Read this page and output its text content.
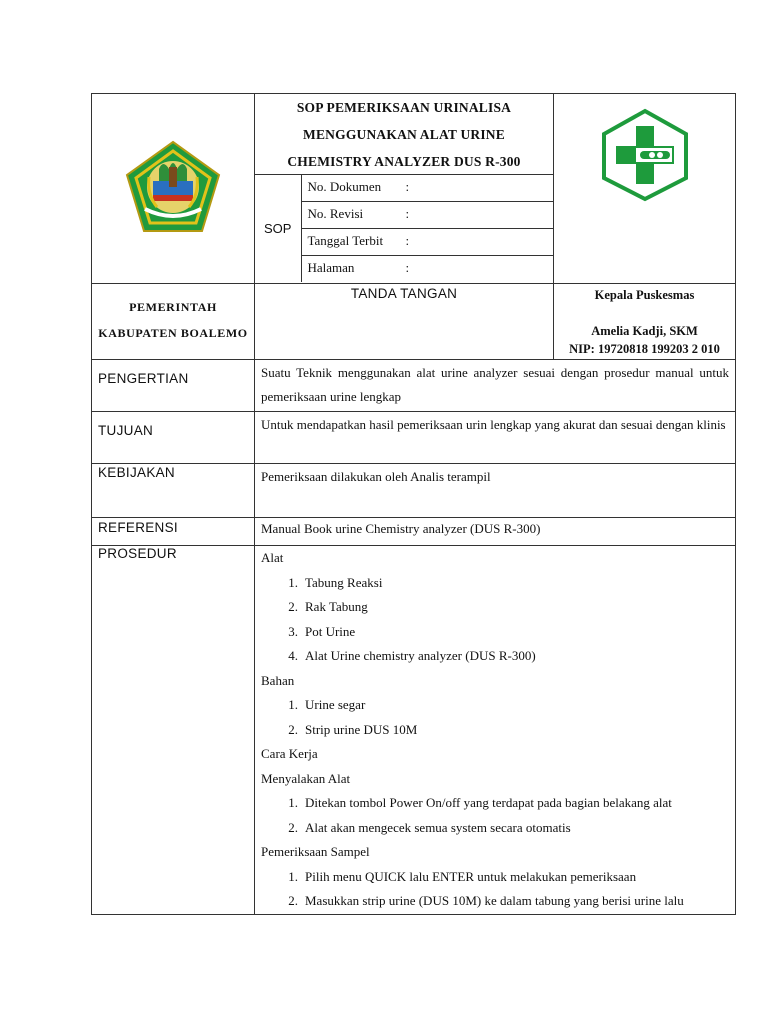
SOP PEMERIKSAAN URINALISA
MENGGUNAKAN ALAT URINE
CHEMISTRY ANALYZER DUS R-300
SOP	No. Dokumen :
No. Revisi	:
Tanggal Terbit :
Halaman	:

PEMERINTAH
KABUPATEN BOALEMO

TANDA TANGAN	Kepala Puskesmas
Amelia Kadji, SKM
NIP: 19720818 199203 2 010

PENGERTIAN	Suatu Teknik menggunakan alat urine analyzer sesuai dengan prosedur manual untuk pemeriksaan urine lengkap
TUJUAN	Untuk mendapatkan hasil pemeriksaan urin lengkap yang akurat dan sesuai dengan klinis
KEBIJAKAN	Pemeriksaan dilakukan oleh Analis terampil
REFERENSI	Manual Book urine Chemistry analyzer (DUS R-300)
PROSEDUR	Alat
1. Tabung Reaksi
2. Rak Tabung
3. Pot Urine
4. Alat Urine chemistry analyzer (DUS R-300)
Bahan
1. Urine segar
2. Strip urine DUS 10M
Cara Kerja
Menyalakan Alat
1. Ditekan tombol Power On/off yang terdapat pada bagian belakang alat
2. Alat akan mengecek semua system secara otomatis
Pemeriksaan Sampel
1. Pilih menu QUICK lalu ENTER untuk melakukan pemeriksaan
2. Masukkan strip urine (DUS 10M) ke dalam tabung yang berisi urine lalu
